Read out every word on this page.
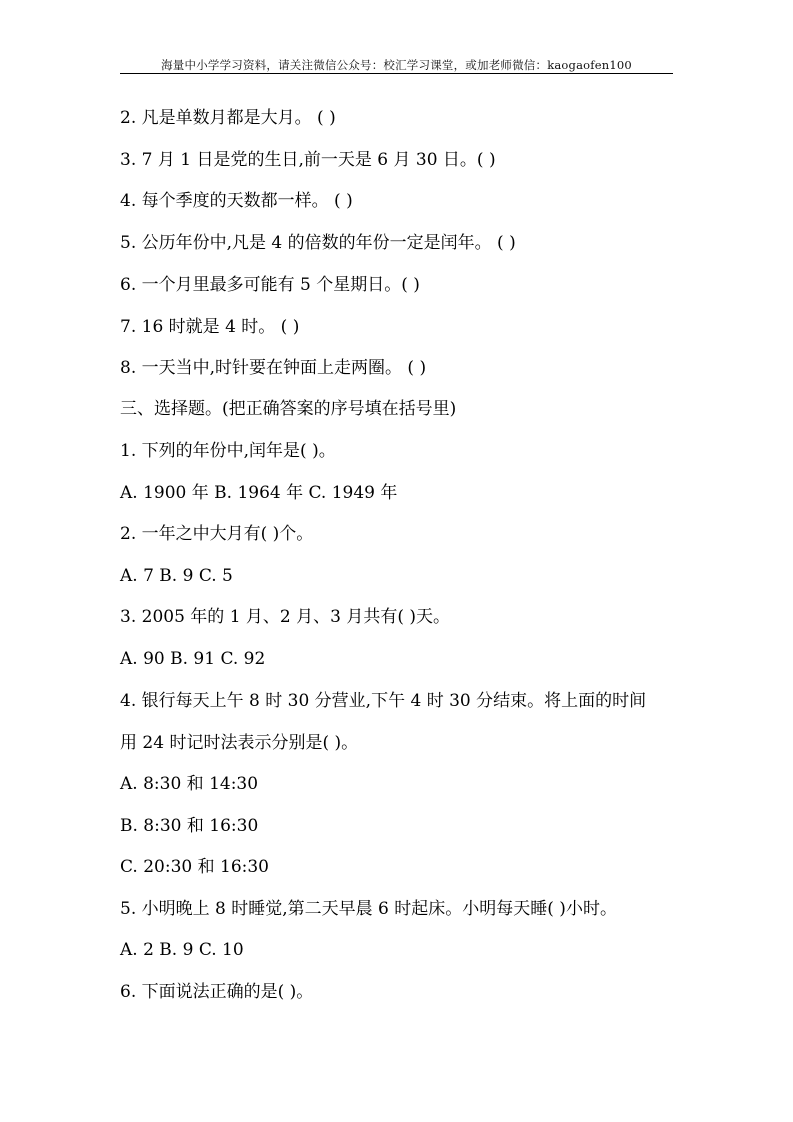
海量中小学学习资料，请关注微信公众号：校汇学习课堂，或加老师微信：kaogaofen100
2. 凡是单数月都是大月。 ( )
3. 7 月 1 日是党的生日,前一天是 6 月 30 日。( )
4. 每个季度的天数都一样。 ( )
5. 公历年份中,凡是 4 的倍数的年份一定是闰年。 ( )
6. 一个月里最多可能有 5 个星期日。( )
7. 16 时就是 4 时。 ( )
8. 一天当中,时针要在钟面上走两圈。 ( )
三、选择题。(把正确答案的序号填在括号里)
1. 下列的年份中,闰年是( )。
A. 1900 年 B. 1964 年 C. 1949 年
2. 一年之中大月有( )个。
A. 7 B. 9 C. 5
3. 2005 年的 1 月、2 月、3 月共有( )天。
A. 90 B. 91 C. 92
4. 银行每天上午 8 时 30 分营业,下午 4 时 30 分结束。将上面的时间
用 24 时记时法表示分别是( )。
A. 8:30 和 14:30
B. 8:30 和 16:30
C. 20:30 和 16:30
5. 小明晚上 8 时睡觉,第二天早晨 6 时起床。小明每天睡( )小时。
A. 2 B. 9 C. 10
6. 下面说法正确的是( )。
